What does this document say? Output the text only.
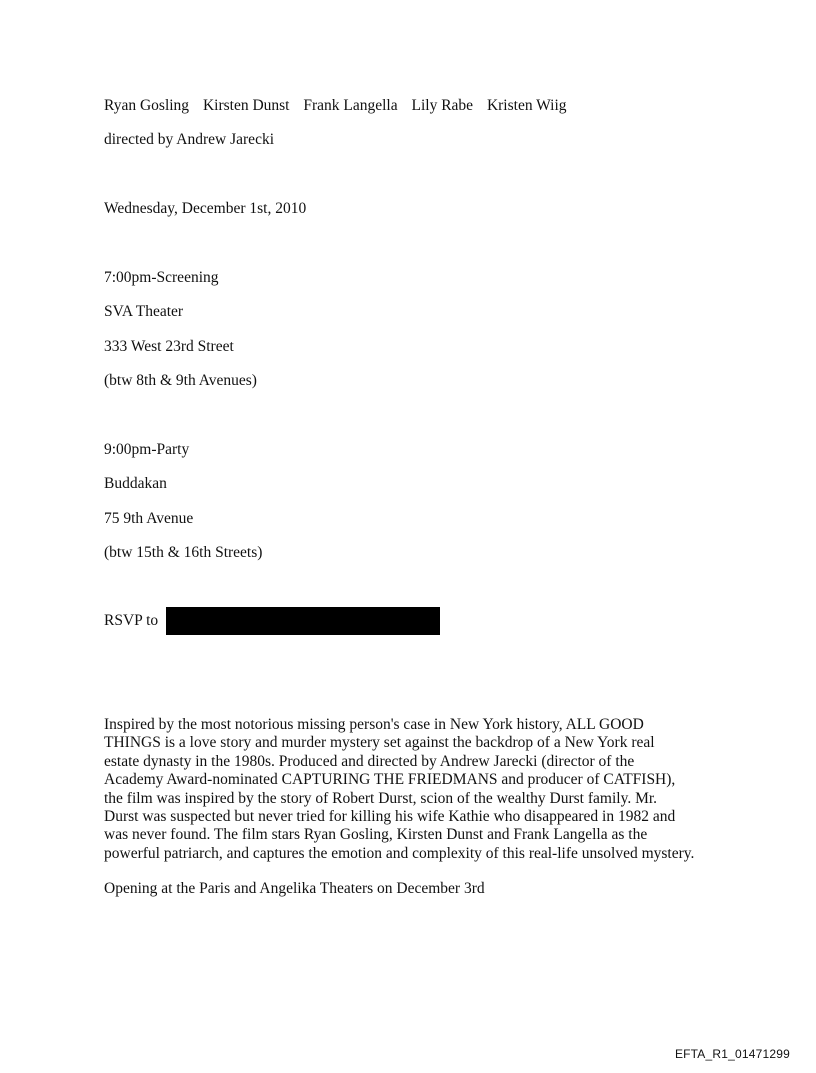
Ryan Gosling Kirsten Dunst Frank Langella Lily Rabe Kristen Wiig
directed by Andrew Jarecki
Wednesday, December 1st, 2010
7:00pm-Screening
SVA Theater
333 West 23rd Street
(btw 8th & 9th Avenues)
9:00pm-Party
Buddakan
75 9th Avenue
(btw 15th & 16th Streets)
RSVP to
Inspired by the most notorious missing person's case in New York history, ALL GOOD
THINGS is a love story and murder mystery set against the backdrop of a New York real
estate dynasty in the 1980s. Produced and directed by Andrew Jarecki (director of the
Academy Award-nominated CAPTURING THE FRIEDMANS and producer of CATFISH),
the film was inspired by the story of Robert Durst, scion of the wealthy Durst family. Mr.
Durst was suspected but never tried for killing his wife Kathie who disappeared in 1982 and
was never found. The film stars Ryan Gosling, Kirsten Dunst and Frank Langella as the
powerful patriarch, and captures the emotion and complexity of this real-life unsolved mystery.
Opening at the Paris and Angelika Theaters on December 3rd
EFTA_R1_01471299
